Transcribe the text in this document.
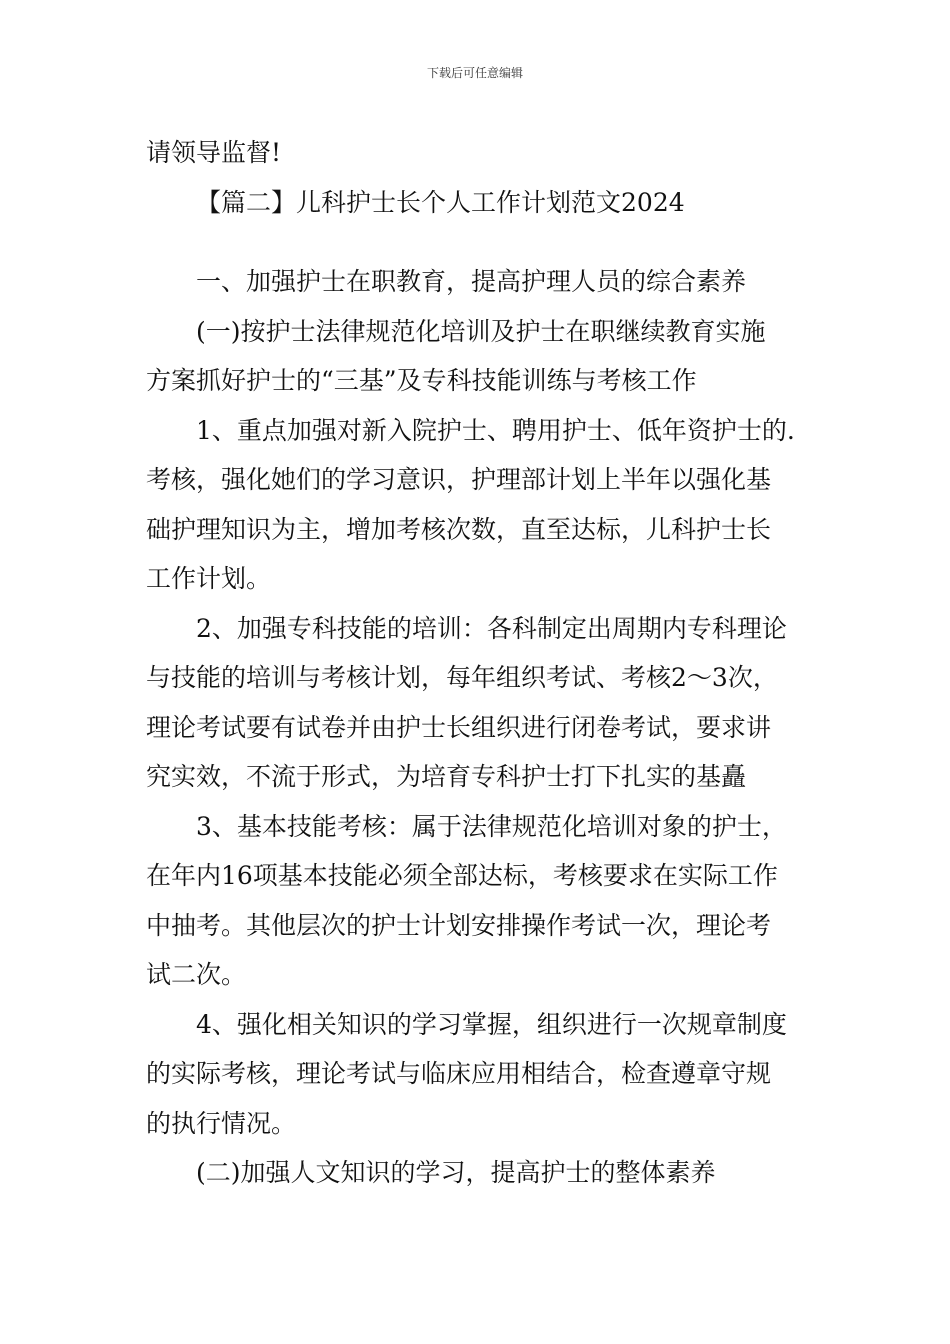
下载后可任意编辑
请领导监督!
【篇二】儿科护士长个人工作计划范文2024
一、加强护士在职教育，提高护理人员的综合素养
(一)按护士法律规范化培训及护士在职继续教育实施
方案抓好护士的“三基”及专科技能训练与考核工作
1、重点加强对新入院护士、聘用护士、低年资护士的.
考核，强化她们的学习意识，护理部计划上半年以强化基
础护理知识为主，增加考核次数，直至达标，儿科护士长
工作计划。
2、加强专科技能的培训：各科制定出周期内专科理论
与技能的培训与考核计划，每年组织考试、考核2～3次，
理论考试要有试卷并由护士长组织进行闭卷考试，要求讲
究实效，不流于形式，为培育专科护士打下扎实的基矗
3、基本技能考核：属于法律规范化培训对象的护士，
在年内16项基本技能必须全部达标，考核要求在实际工作
中抽考。其他层次的护士计划安排操作考试一次，理论考
试二次。
4、强化相关知识的学习掌握，组织进行一次规章制度
的实际考核，理论考试与临床应用相结合，检查遵章守规
的执行情况。
(二)加强人文知识的学习，提高护士的整体素养
